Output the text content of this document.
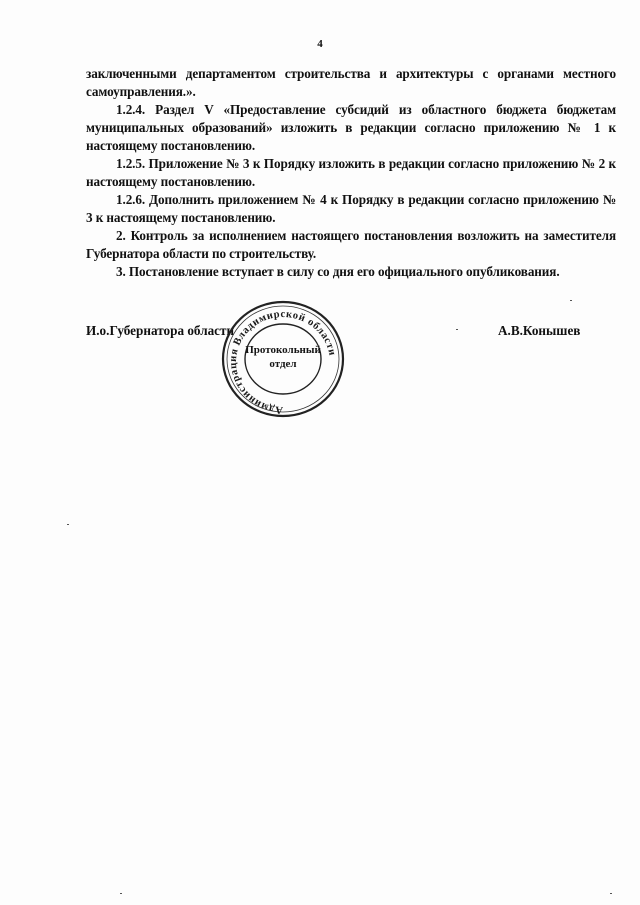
4

заключенными департаментом строительства и архитектуры с органами местного самоуправления.».

1.2.4. Раздел V «Предоставление субсидий из областного бюджета бюджетам муниципальных образований» изложить в редакции согласно приложению № 1 к настоящему постановлению.

1.2.5. Приложение № 3 к Порядку изложить в редакции согласно приложению № 2 к настоящему постановлению.

1.2.6. Дополнить приложением № 4 к Порядку в редакции согласно приложению № 3 к настоящему постановлению.

2. Контроль за исполнением настоящего постановления возложить на заместителя Губернатора области по строительству.

3. Постановление вступает в силу со дня его официального опубликования.

И.о.Губернатора области	А.В.Конышев
Администрация Владимирской области
Протокольный
отдел
